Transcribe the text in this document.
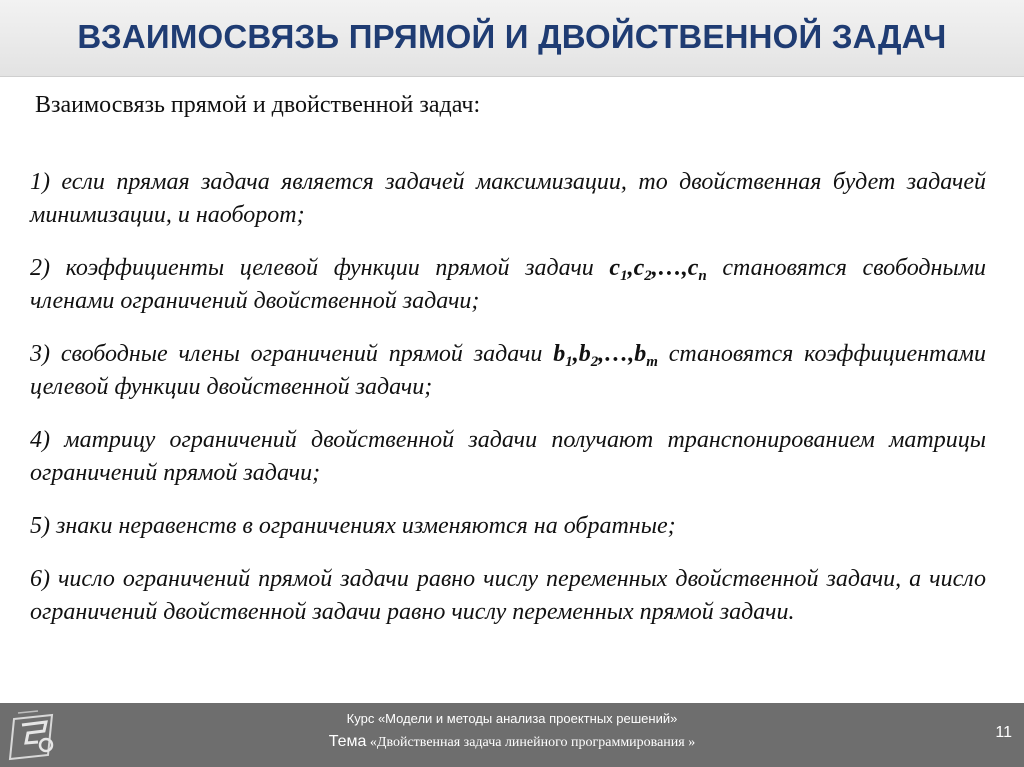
ВЗАИМОСВЯЗЬ ПРЯМОЙ И ДВОЙСТВЕННОЙ ЗАДАЧ
Взаимосвязь прямой и двойственной задач:
1) если прямая задача является задачей максимизации, то двойственная будет задачей минимизации, и наоборот;
2) коэффициенты целевой функции прямой задачи $c_1,c_2,\dots,c_n$ становятся свободными членами ограничений двойственной задачи;
3) свободные члены ограничений прямой задачи $b_1,b_2,\dots,b_m$ становятся коэффициентами целевой функции двойственной задачи;
4) матрицу ограничений двойственной задачи получают транспонированием матрицы ограничений прямой задачи;
5) знаки неравенств в ограничениях изменяются на обратные;
6) число ограничений прямой задачи равно числу переменных двойственной задачи, а число ограничений двойственной задачи равно числу переменных прямой задачи.
Курс «Модели и методы анализа проектных решений»
Тема «Двойственная задача линейного программирования »
11
